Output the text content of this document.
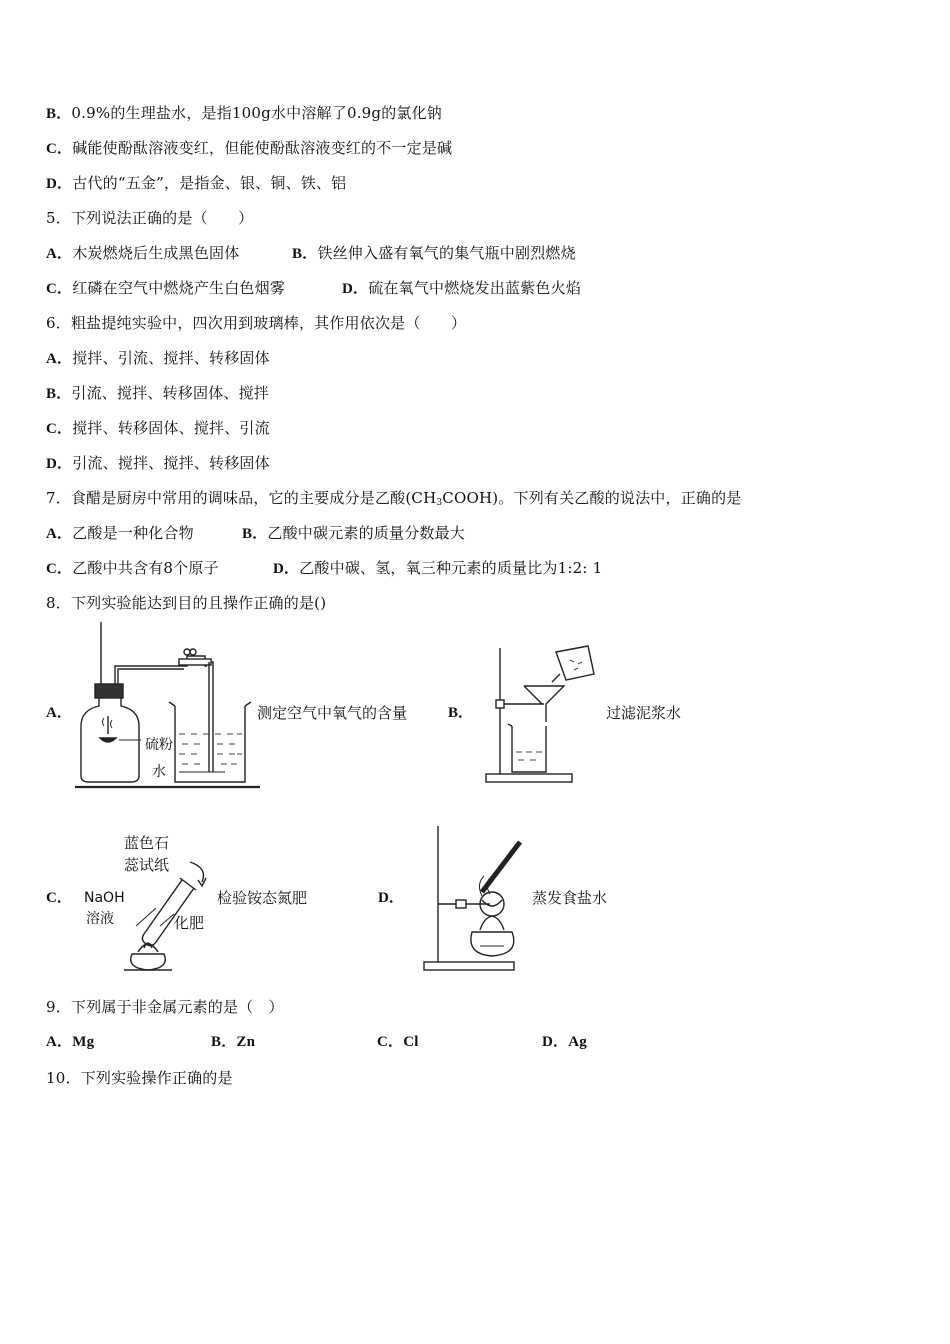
B．0.9%的生理盐水，是指100g水中溶解了0.9g的氯化钠
C．碱能使酚酞溶液变红，但能使酚酞溶液变红的不一定是碱
D．古代的“五金”，是指金、银、铜、铁、铝
5．下列说法正确的是（　　）
A．木炭燃烧后生成黑色固体	B．铁丝伸入盛有氧气的集气瓶中剧烈燃烧
C．红磷在空气中燃烧产生白色烟雾	D．硫在氧气中燃烧发出蓝紫色火焰
6．粗盐提纯实验中，四次用到玻璃棒，其作用依次是（　　）
A．搅拌、引流、搅拌、转移固体
B．引流、搅拌、转移固体、搅拌
C．搅拌、转移固体、搅拌、引流
D．引流、搅拌、搅拌、转移固体
7．食醋是厨房中常用的调味品，它的主要成分是乙酸$(CH_3COOH)$。下列有关乙酸的说法中，正确的是
A．乙酸是一种化合物	B．乙酸中碳元素的质量分数最大
C．乙酸中共含有8个原子	D．乙酸中碳、氢，氧三种元素的质量比为1:2: 1
8．下列实验能达到目的且操作正确的是()
A．
硫粉
水
测定空气中氧气的含量	B．	过滤泥浆水
C．
蓝色石
蕊试纸
NaOH
溶液	化肥
检验铵态氮肥	D．	蒸发食盐水
9．下列属于非金属元素的是（　）
A．Mg	B．Zn	C．Cl	D．Ag
10．下列实验操作正确的是
